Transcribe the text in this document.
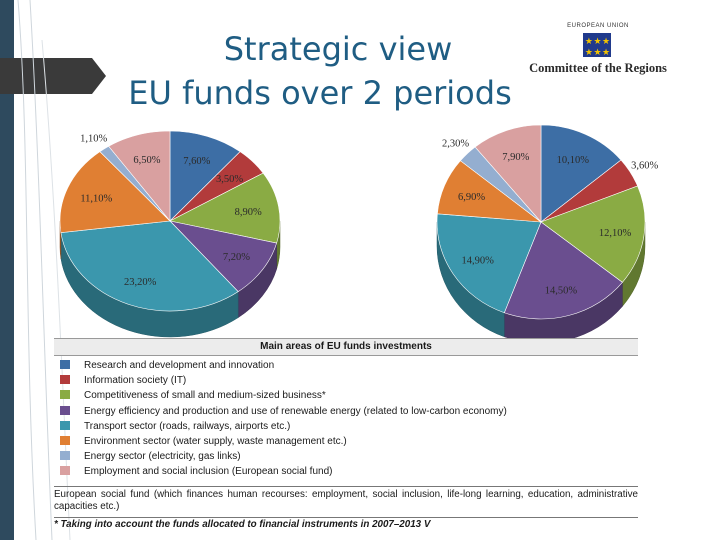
Strategic view
EU funds over 2 periods
EUROPEAN UNION
★ ★ ★
★ ★ ★
Committee of the Regions
7,60%
3,50%
8,90%
7,20%
23,20%
11,10%
1,10%
6,50%	10,10%
3,60%
12,10%
14,50%
14,90%
6,90%
2,30%
7,90%
Main areas of EU funds investments
Research and development and innovation
Information society (IT)
Competitiveness of small and medium-sized business*
Energy efficiency and production and use of renewable energy (related to low-carbon economy)
Transport sector (roads, railways, airports etc.)
Environment sector (water supply, waste management etc.)
Energy sector (electricity, gas links)
Employment and social inclusion (European social fund)
European social fund (which finances human recourses: employment, social inclusion, life-long learning, education, administrative capacities etc.)
* Taking into account the funds allocated to financial instruments in 2007–2013 V
